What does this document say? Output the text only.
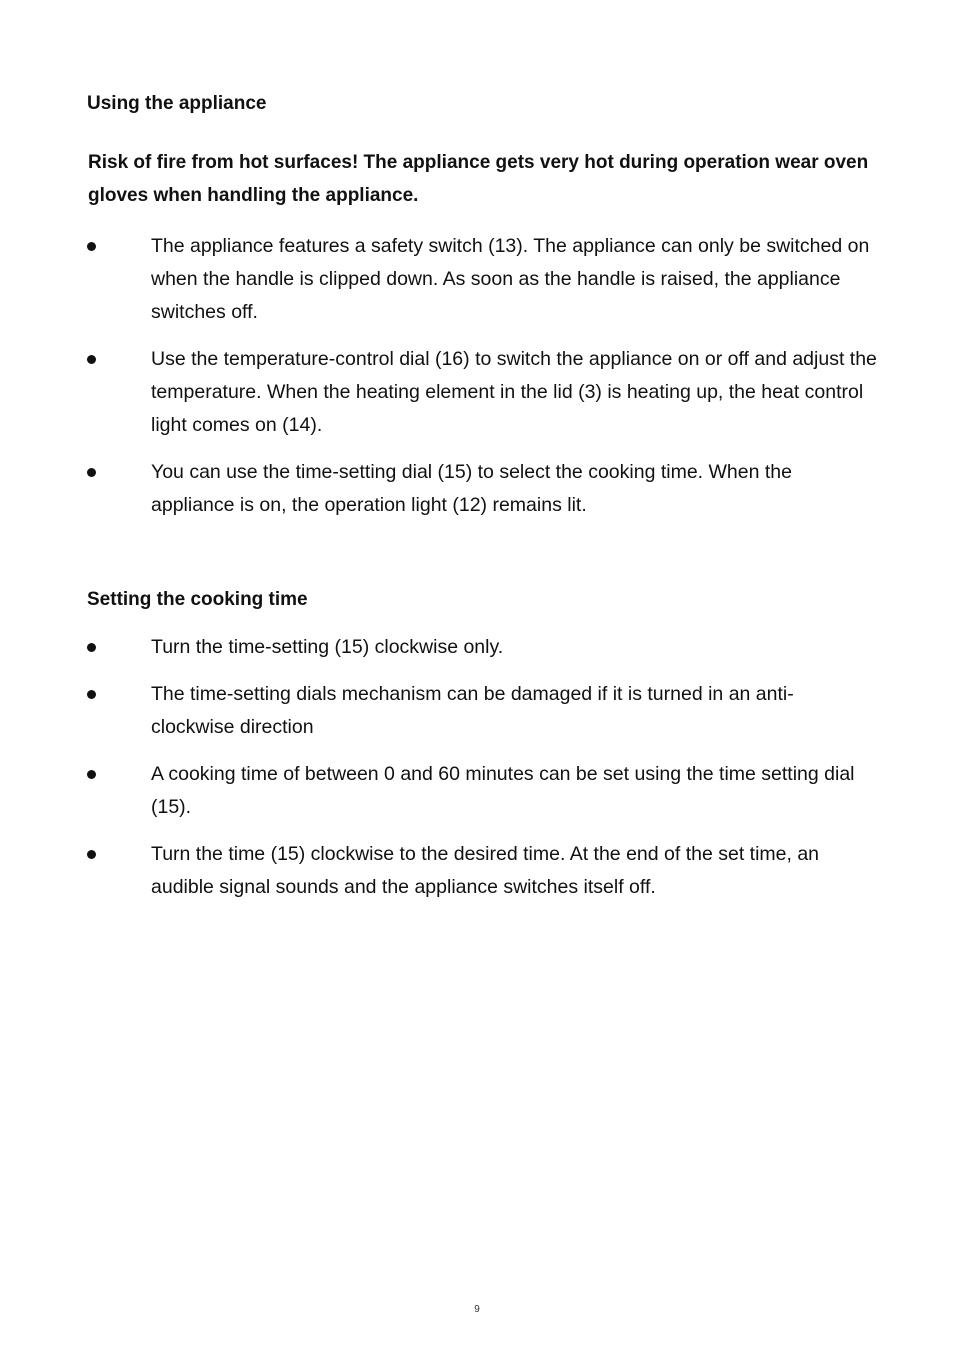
Using the appliance

Risk of fire from hot surfaces! The appliance gets very hot during operation wear oven gloves when handling the appliance.

The appliance features a safety switch (13). The appliance can only be switched on when the handle is clipped down. As soon as the handle is raised, the appliance switches off.
Use the temperature-control dial (16) to switch the appliance on or off and adjust the temperature. When the heating element in the lid (3) is heating up, the heat control light comes on (14).
You can use the time-setting dial (15) to select the cooking time. When the appliance is on, the operation light (12) remains lit.
Setting the cooking time
Turn the time-setting (15) clockwise only.
The time-setting dials mechanism can be damaged if it is turned in an anti-clockwise direction
A cooking time of between 0 and 60 minutes can be set using the time setting dial (15).
Turn the time (15) clockwise to the desired time. At the end of the set time, an audible signal sounds and the appliance switches itself off.
9
